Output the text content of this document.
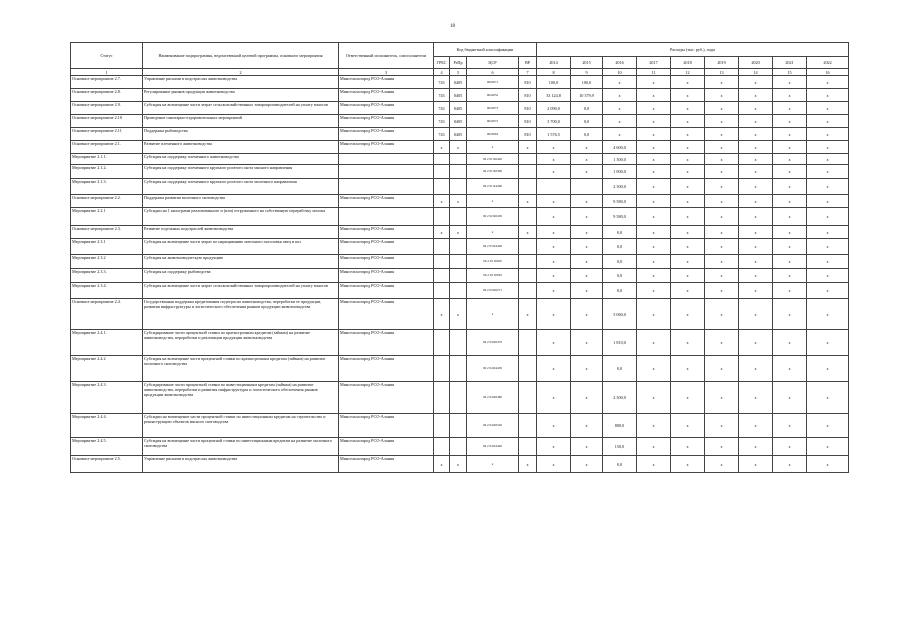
18
Статус	Наименование подпрограммы, ведомственной целевой программы, основного мероприятия	Ответственный исполнитель, соисполнители	Код бюджетной классификации				Расходы (тыс. руб.), годы								
			ГРБС	РзПр	ЦСР	ВР	2014	2015	2016	2017	2018	2019	2020	2021	2022
1	2	3	4	5	6	7	8	9	10	11	12	13	14	15	16
Основное мероприятие 2.7.	Управление рисками в подотраслях животноводства	Минсельхозпрод РСО-Алания	743	0405	0602071	810	100,0	100,0	x	x	x	x	x	x	x
Основное мероприятие 2.8.	Регулирование рынков продукции животноводства	Минсельхозпрод РСО-Алания	743	0405	0622052	810	33 124,8	10 379,9	x	x	x	x	x	x	x
Основное мероприятие 2.9.	Субсидия на возмещение части затрат сельскохозяйственных товаропроизводителей на уплату взносов	Минсельхозпрод РСО-Алания	743	0405	0622073	810	2 090,0	0,0	x	x	x	x	x	x	x
Основное мероприятие 2.10	Проведение санитарно-оздоровительных мероприятий	Минсельхозпрод РСО-Алания	743	0405	0622072	810	3 700,0	0,0	x	x	x	x	x	x	x
Основное мероприятие 2.11	Поддержка рыбоводства	Минсельхозпрод РСО-Алания	743	0405	0622063	810	1 576,5	0,0	x	x	x	x	x	x	x
Основное мероприятие 2.1.	Развитие племенного животноводства	Минсельхозпрод РСО-Алания	x	x	x	x	x	x	4 600,0	x	x	x	x	x	x
Мероприятие 2.1.1.	Субсидия на поддержку племенного животноводства				06 2 01 R0420		x	x	1 300,0	x	x	x	x	x	x
Мероприятие 2.1.2.	Субсидия на поддержку племенного крупного рогатого скота мясного направления				06 2 01 R0390		x	x	1 000,0	x	x	x	x	x	x
Мероприятие 2.1.3.	Субсидия на поддержку племенного крупного рогатого скота молочного направления				06 2 01 R4460				2 300,0	x	x	x	x	x	x
Основное мероприятие 2.2.	Поддержка развития молочного скотоводства	Минсельхозпрод РСО-Алания	x	x	x	x	x	x	9 580,0	x	x	x	x	x	x
Мероприятие 2.2.1	Субсидии на 1 килограмм реализованного и (или) отгруженного на собственную переработку молока				06 2 02 R0430		x	x	9 580,0	x	x	x	x	x	x
Основное мероприятие 2.3.	Развитие отдельных подотраслей животноводства	Минсельхозпрод РСО-Алания	x	x	x	x	x	x	0,0	x	x	x	x	x	x
Мероприятие 2.3.1	Субсидия на возмещение части затрат по наращиванию маточного поголовья овец и коз	Минсельхозпрод РСО-Алания			06 2 03 R4400		x	x	0,0	x	x	x	x	x	x
Мероприятие 2.3.2	Субсидия на животноводческую продукцию	Минсельхозпрод РСО-Алания			06 2 03 20920		x	x	0,0	x	x	x	x	x	x
Мероприятие 2.3.3.	Субсидия на поддержку рыбоводства	Минсельхозпрод РСО-Алания			06 2 03 20930		x	x	0,0	x	x	x	x	x	x
Мероприятие 2.3.4.	Субсидия на возмещение части затрат сельскохозяйственных товаропроизводителей на уплату взносов	Минсельхозпрод РСО-Алания			06 2 03 R0271		x	x	0,0	x	x	x	x	x	x
Основное мероприятие 2.4.	Государственная поддержка кредитования подотрасли животноводства, переработки ее продукции, развития инфраструктуры и логистического обеспечения рынков продукции животноводства	Минсельхозпрод РСО-Алания	x	x	x	x	x	x	5 060,0	x	x	x	x	x	x
Мероприятие 2.4.1.	Субсидирование части процентной ставки по краткосрочным кредитам (займам) на развитие животноводства, переработки и реализации продукции животноводства	Минсельхозпрод РСО-Алания			06 2 04 R0470		x	x	1 810,0	x	x	x	x	x	x
Мероприятие 2.4.2	Субсидия на возмещение части процентной ставки по краткосрочным кредитам (займам) на развитие молочного скотоводства	Минсельхозпрод РСО-Алания			06 2 04 R4430		x	x	0,0	x	x	x	x	x	x
Мероприятие 2.4.3.	Субсидирование части процентной ставки по инвестиционным кредитам (займам) на развитие животноводства, переработки и развития инфраструктуры и логистического обеспечения рынков продукции животноводства	Минсельхозпрод РСО-Алания			06 2 04 R0480		x	x	2 300,0	x	x	x	x	x	x
Мероприятие 2.4.4.	Субсидии на возмещение части процентной ставки по инвестиционным кредитам на строительство и реконструкцию объектов мясного скотоводства	Минсельхозпрод РСО-Алания			06 2 04 R0520		x	x	800,0	x	x	x	x	x	x
Мероприятие 2.4.5.	Субсидия на возмещение части процентной ставки по инвестиционным кредитам на развитие молочного скотоводства	Минсельхозпрод РСО-Алания			06 2 04 R4440		x	x	150,0	x	x	x	x	x	x
Основное мероприятие 2.5.	Управление рисками в подотраслях животноводства	Минсельхозпрод РСО-Алания	x	x	x	x	x	x	0,0	x	x	x	x	x	x
